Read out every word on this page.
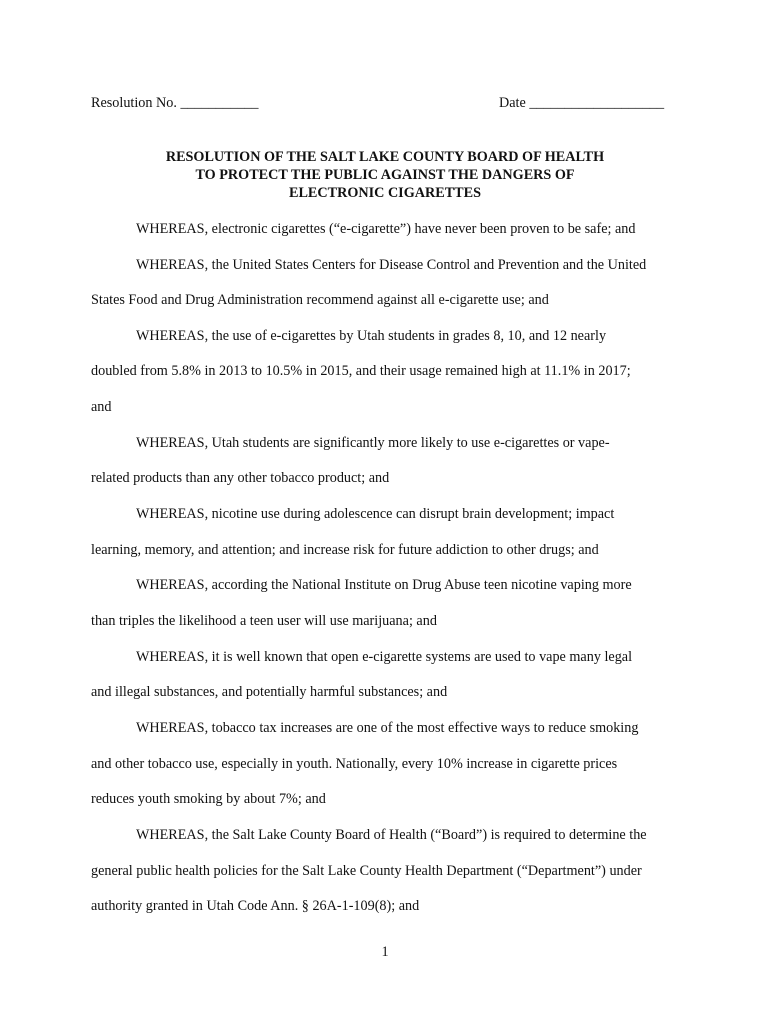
Resolution No. ___________	Date ___________________
RESOLUTION OF THE SALT LAKE COUNTY BOARD OF HEALTH
TO PROTECT THE PUBLIC AGAINST THE DANGERS OF
ELECTRONIC CIGARETTES
WHEREAS, electronic cigarettes (“e-cigarette”) have never been proven to be safe; and
WHEREAS, the United States Centers for Disease Control and Prevention and the United
States Food and Drug Administration recommend against all e-cigarette use; and
WHEREAS, the use of e-cigarettes by Utah students in grades 8, 10, and 12 nearly
doubled from 5.8% in 2013 to 10.5% in 2015, and their usage remained high at 11.1% in 2017;
and
WHEREAS, Utah students are significantly more likely to use e-cigarettes or vape-
related products than any other tobacco product; and
WHEREAS, nicotine use during adolescence can disrupt brain development; impact
learning, memory, and attention; and increase risk for future addiction to other drugs; and
WHEREAS, according the National Institute on Drug Abuse teen nicotine vaping more
than triples the likelihood a teen user will use marijuana; and
WHEREAS, it is well known that open e-cigarette systems are used to vape many legal
and illegal substances, and potentially harmful substances; and
WHEREAS, tobacco tax increases are one of the most effective ways to reduce smoking
and other tobacco use, especially in youth. Nationally, every 10% increase in cigarette prices
reduces youth smoking by about 7%; and
WHEREAS, the Salt Lake County Board of Health (“Board”) is required to determine the
general public health policies for the Salt Lake County Health Department (“Department”) under
authority granted in Utah Code Ann. § 26A-1-109(8); and
1
